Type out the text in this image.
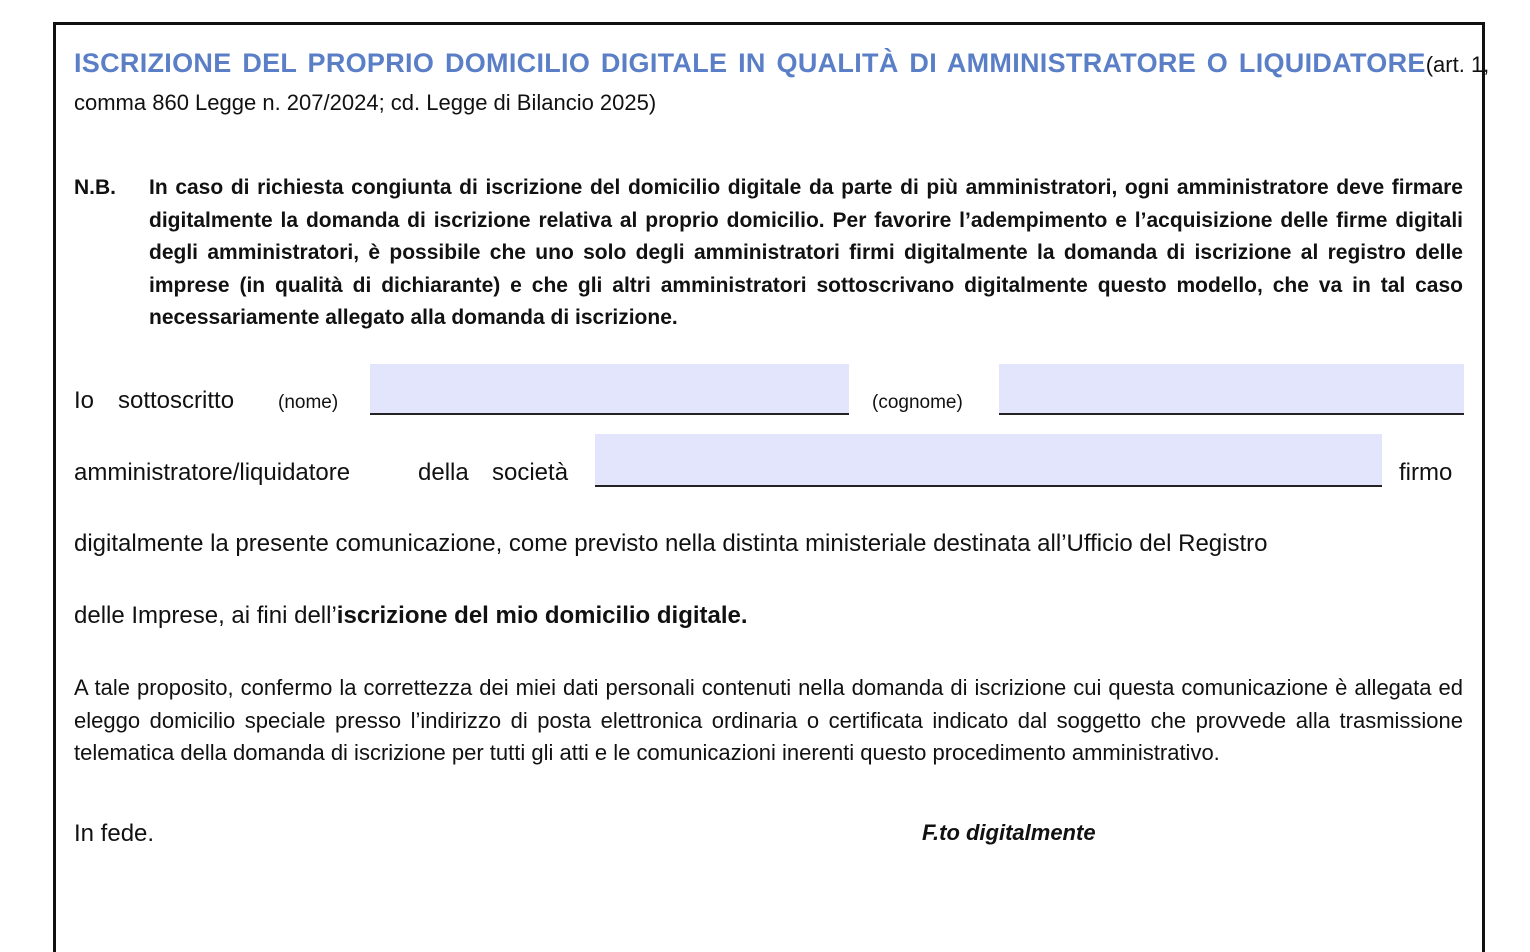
ISCRIZIONE DEL PROPRIO DOMICILIO DIGITALE IN QUALITÀ DI AMMINISTRATORE O LIQUIDATORE(art. 1,
comma 860 Legge n. 207/2024; cd. Legge di Bilancio 2025)
N.B. In caso di richiesta congiunta di iscrizione del domicilio digitale da parte di più amministratori, ogni amministratore deve firmare digitalmente la domanda di iscrizione relativa al proprio domicilio. Per favorire l’adempimento e l’acquisizione delle firme digitali degli amministratori, è possibile che uno solo degli amministratori firmi digitalmente la domanda di iscrizione al registro delle imprese (in qualità di dichiarante) e che gli altri amministratori sottoscrivano digitalmente questo modello, che va in tal caso necessariamente allegato alla domanda di iscrizione.
Io sottoscritto (nome)	(cognome)
amministratore/liquidatore	della società	firmo
digitalmente la presente comunicazione, come previsto nella distinta ministeriale destinata all’Ufficio del Registro
delle Imprese, ai fini dell’iscrizione del mio domicilio digitale.
A tale proposito, confermo la correttezza dei miei dati personali contenuti nella domanda di iscrizione cui questa comunicazione è allegata ed eleggo domicilio speciale presso l’indirizzo di posta elettronica ordinaria o certificata indicato dal soggetto che provvede alla trasmissione telematica della domanda di iscrizione per tutti gli atti e le comunicazioni inerenti questo procedimento amministrativo.
In fede.	F.to digitalmente
